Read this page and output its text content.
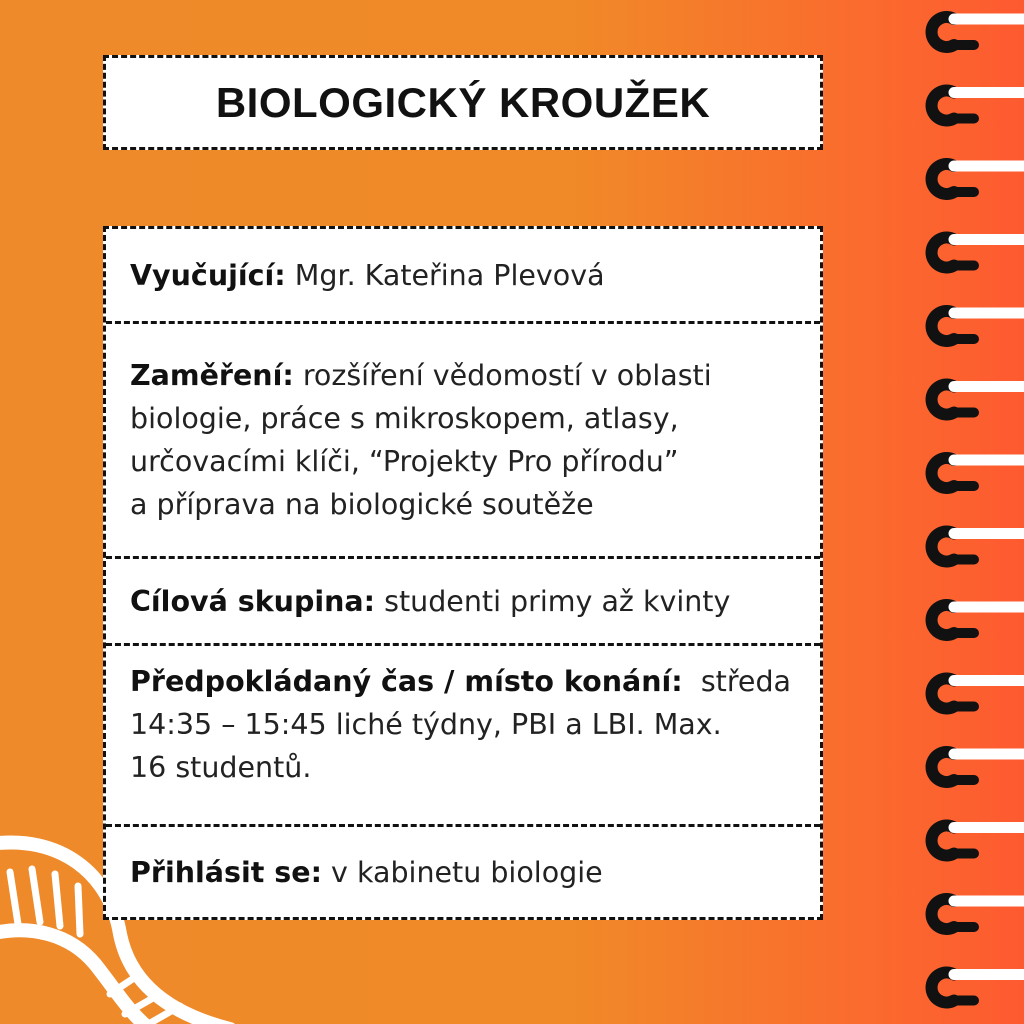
BIOLOGICKÝ KROUŽEK
Vyučující: Mgr. Kateřina Plevová
Zaměření: rozšíření vědomostí v oblasti
biologie, práce s mikroskopem, atlasy,
určovacími klíči, “Projekty Pro přírodu”
a příprava na biologické soutěže
Cílová skupina: studenti primy až kvinty
Předpokládaný čas / místo konání: středa
14:35 – 15:45 liché týdny, PBI a LBI. Max.
16 studentů.
Přihlásit se: v kabinetu biologie
